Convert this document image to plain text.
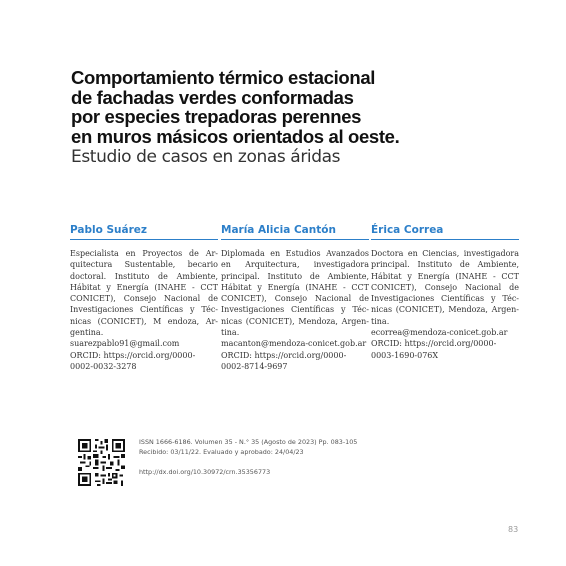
Comportamiento térmico estacional
de fachadas verdes conformadas
por especies trepadoras perennes
en muros másicos orientados al oeste.
Estudio de casos en zonas áridas
Pablo Suárez
Especialista en Proyectos de Arquitectura Sustentable, becario doctoral. Instituto de Ambiente, Hábitat y Energía (INAHE - CCT CONICET), Consejo Nacional de Investigaciones Científicas y Técnicas (CONICET), M endoza, Argentina.
suarezpablo91@gmail.com
ORCID: https://orcid.org/0000-
0002-0032-3278
María Alicia Cantón
Diplomada en Estudios Avanzados en Arquitectura, investigadora principal. Instituto de Ambiente, Hábitat y Energía (INAHE - CCT CONICET), Consejo Nacional de Investigaciones Científicas y Técnicas (CONICET), Mendoza, Argentina.
macanton@mendoza-conicet.gob.ar
ORCID: https://orcid.org/0000-
0002-8714-9697
Érica Correa
Doctora en Ciencias, investigadora principal. Instituto de Ambiente, Hábitat y Energía (INAHE - CCT CONICET), Consejo Nacional de Investigaciones Científicas y Técnicas (CONICET), Mendoza, Argentina.
ecorrea@mendoza-conicet.gob.ar
ORCID: https://orcid.org/0000-
0003-1690-076X
ISSN 1666-6186. Volumen 35 - N.° 35 (Agosto de 2023) Pp. 083-105
Recibido: 03/11/22. Evaluado y aprobado: 24/04/23
http://dx.doi.org/10.30972/crn.35356773
83
